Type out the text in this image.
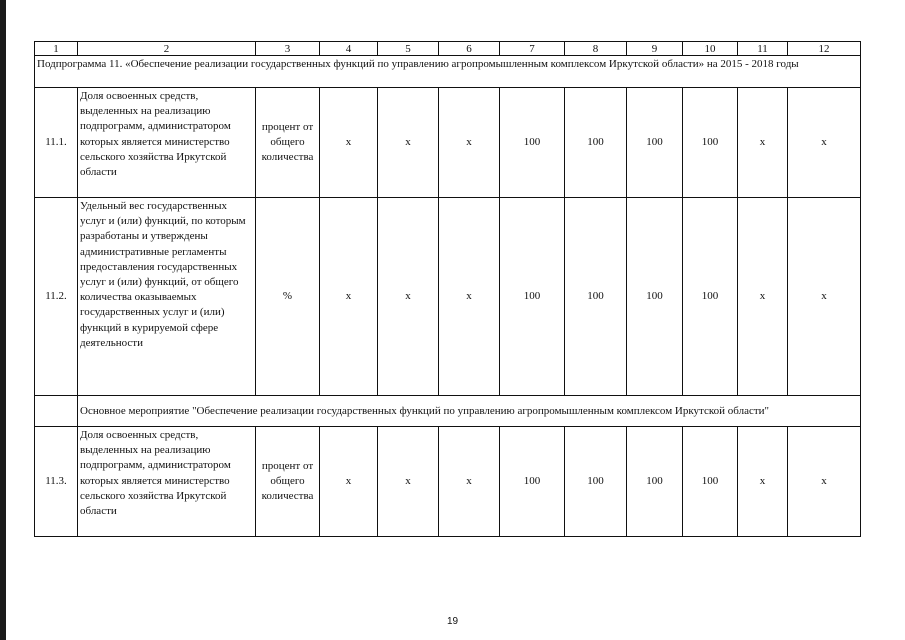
1	2	3	4	5	6	7	8	9	10	11	12
Подпрограмма 11. «Обеспечение реализации государственных функций по управлению агропромышленным комплексом Иркутской области» на 2015 - 2018 годы											
11.1.	Доля освоенных средств, выделенных на реализацию подпрограмм, администратором которых является министерство сельского хозяйства Иркутской области	процент от общего количества	х	х	х	100	100	100	100	х	х
11.2.	Удельный вес государственных услуг и (или) функций, по которым разработаны и утверждены административные регламенты предоставления государственных услуг и (или) функций, от общего количества оказываемых государственных услуг и (или) функций в курируемой сфере деятельности	%	х	х	х	100	100	100	100	х	х
	Основное мероприятие "Обеспечение реализации государственных функций по управлению агропромышленным комплексом Иркутской области"										
11.3.	Доля освоенных средств, выделенных на реализацию подпрограмм, администратором которых является министерство сельского хозяйства Иркутской области	процент от общего количества	х	х	х	100	100	100	100	х	х
19
